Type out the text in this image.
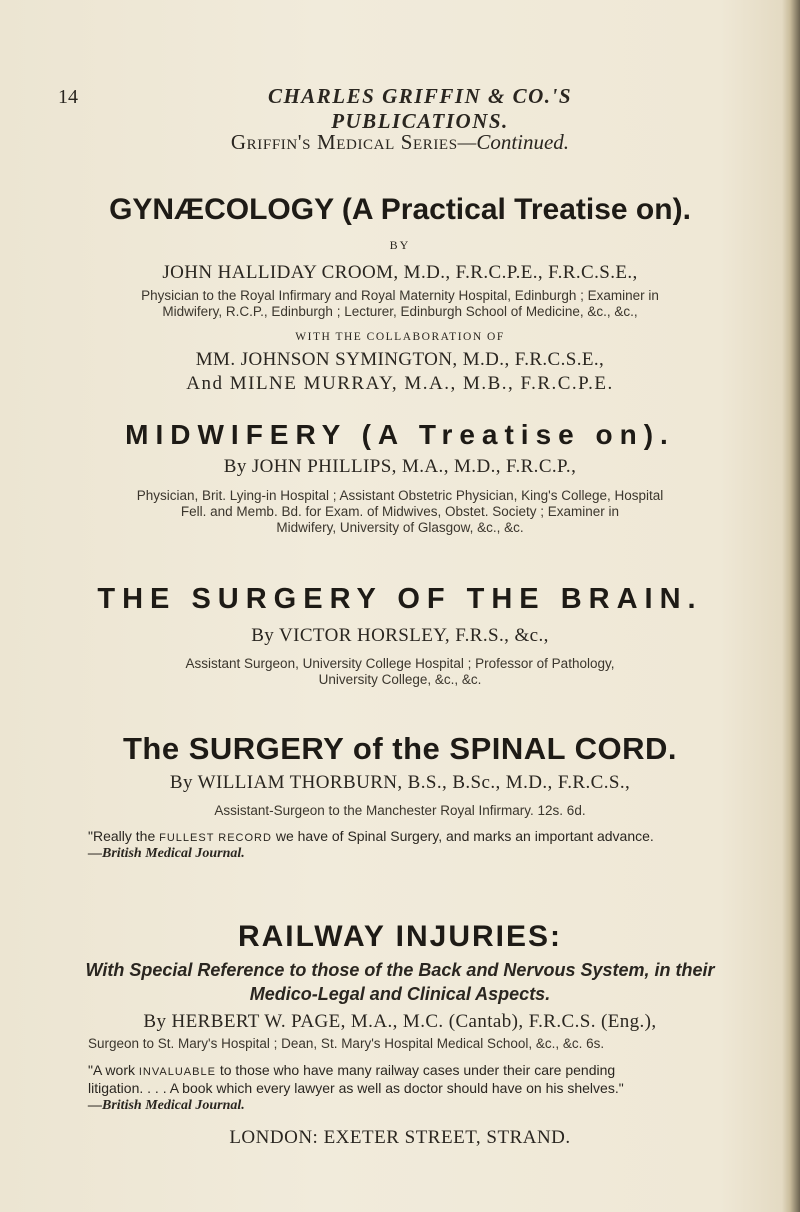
14	CHARLES GRIFFIN & CO.'S PUBLICATIONS.
Griffin's Medical Series—Continued.
GYNÆCOLOGY (A Practical Treatise on).
BY
JOHN HALLIDAY CROOM, M.D., F.R.C.P.E., F.R.C.S.E.,
Physician to the Royal Infirmary and Royal Maternity Hospital, Edinburgh ; Examiner in
Midwifery, R.C.P., Edinburgh ; Lecturer, Edinburgh School of Medicine, &c., &c.,
WITH THE COLLABORATION OF
MM. JOHNSON SYMINGTON, M.D., F.R.C.S.E.,
And MILNE MURRAY, M.A., M.B., F.R.C.P.E.
MIDWIFERY (A Treatise on).
By JOHN PHILLIPS, M.A., M.D., F.R.C.P.,
Physician, Brit. Lying-in Hospital ; Assistant Obstetric Physician, King's College, Hospital
Fell. and Memb. Bd. for Exam. of Midwives, Obstet. Society ; Examiner in
Midwifery, University of Glasgow, &c., &c.
THE SURGERY OF THE BRAIN.
By VICTOR HORSLEY, F.R.S., &c.,
Assistant Surgeon, University College Hospital ; Professor of Pathology,
University College, &c., &c.
The SURGERY of the SPINAL CORD.
By WILLIAM THORBURN, B.S., B.Sc., M.D., F.R.C.S.,
Assistant-Surgeon to the Manchester Royal Infirmary. 12s. 6d.
"Really the FULLEST RECORD we have of Spinal Surgery, and marks an important advance.
—British Medical Journal.
RAILWAY INJURIES:
With Special Reference to those of the Back and Nervous System, in their
Medico-Legal and Clinical Aspects.
By HERBERT W. PAGE, M.A., M.C. (Cantab), F.R.C.S. (Eng.),
Surgeon to St. Mary's Hospital ; Dean, St. Mary's Hospital Medical School, &c., &c. 6s.
"A work INVALUABLE to those who have many railway cases under their care pending
litigation. . . . A book which every lawyer as well as doctor should have on his shelves."
—British Medical Journal.
LONDON: EXETER STREET, STRAND.
